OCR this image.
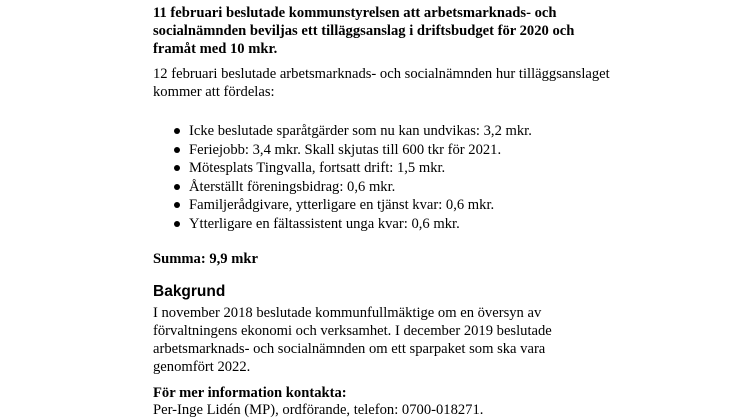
11 februari beslutade kommunstyrelsen att arbetsmarknads- och socialnämnden beviljas ett tilläggsanslag i driftsbudget för 2020 och framåt med 10 mkr.
12 februari beslutade arbetsmarknads- och socialnämnden hur tilläggsanslaget kommer att fördelas:
Icke beslutade sparåtgärder som nu kan undvikas: 3,2 mkr.
Feriejobb: 3,4 mkr. Skall skjutas till 600 tkr för 2021.
Mötesplats Tingvalla, fortsatt drift: 1,5 mkr.
Återställt föreningsbidrag: 0,6 mkr.
Familjerådgivare, ytterligare en tjänst kvar: 0,6 mkr.
Ytterligare en fältassistent unga kvar: 0,6 mkr.
Summa: 9,9 mkr
Bakgrund
I november 2018 beslutade kommunfullmäktige om en översyn av förvaltningens ekonomi och verksamhet. I december 2019 beslutade arbetsmarknads- och socialnämnden om ett sparpaket som ska vara genomfört 2022.
För mer information kontakta:
Per-Inge Lidén (MP), ordförande, telefon: 0700-018271.
